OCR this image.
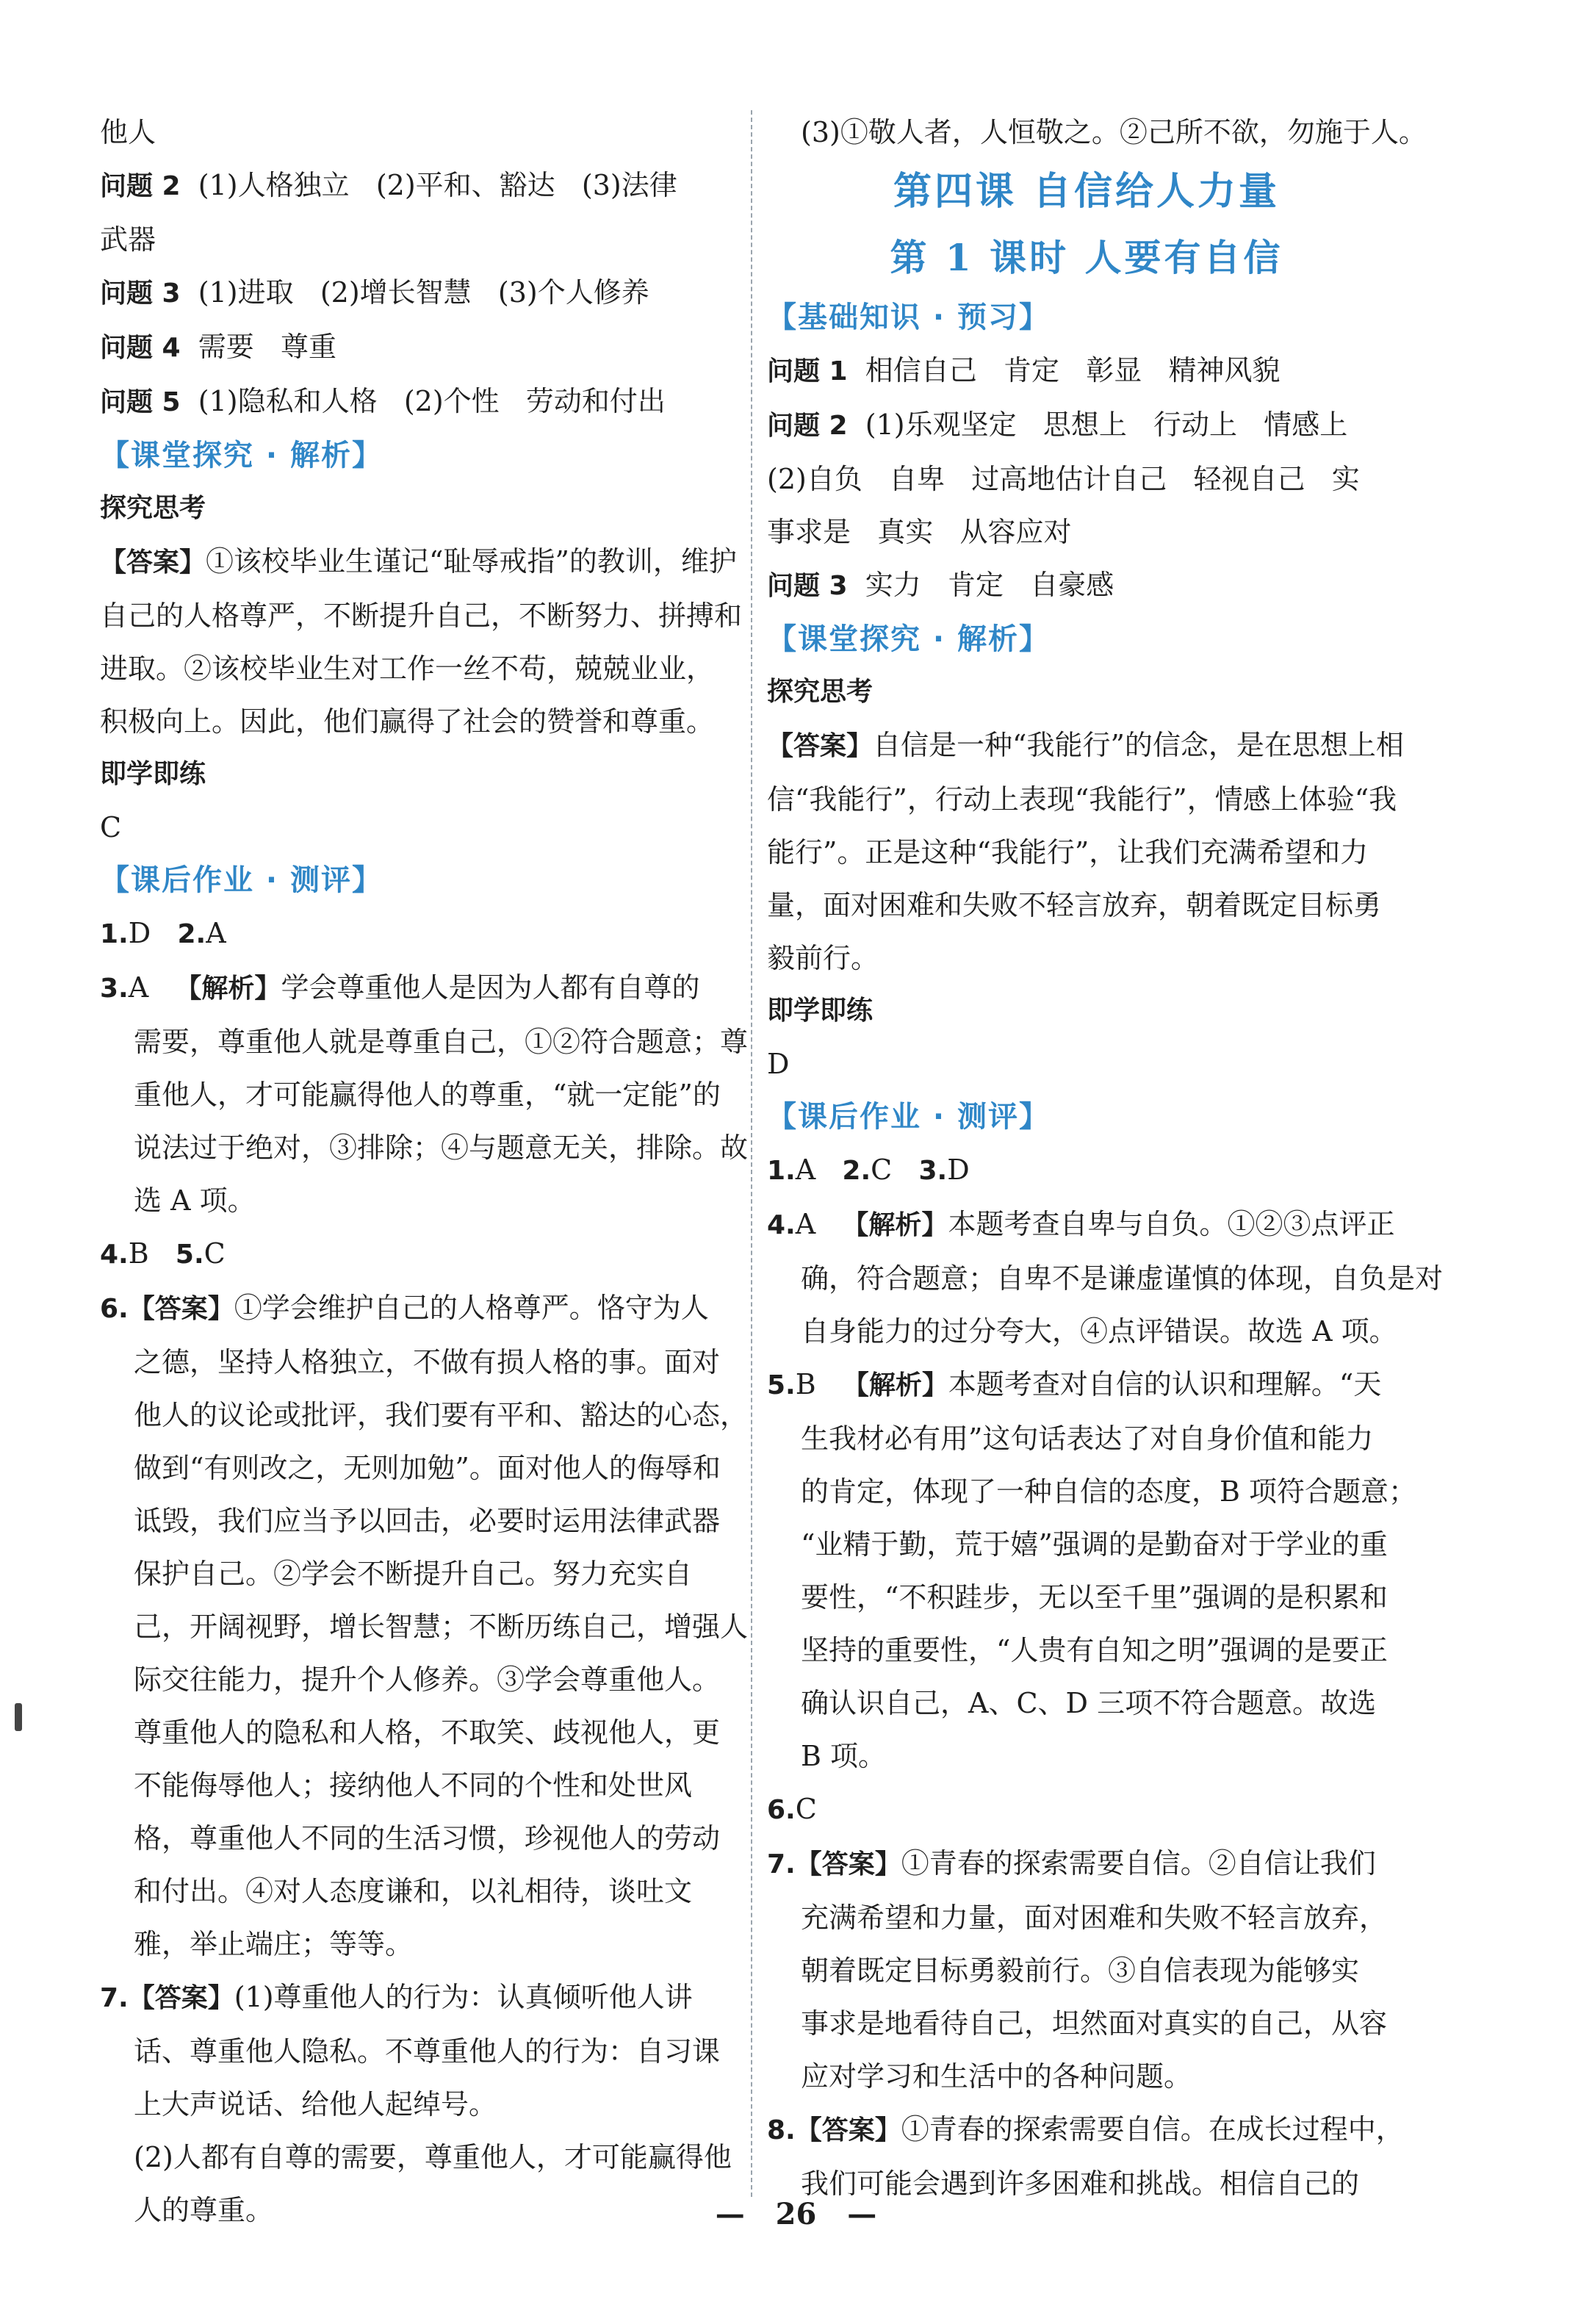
他人
问题 2  (1)人格独立   (2)平和、豁达   (3)法律
武器
问题 3  (1)进取   (2)增长智慧   (3)个人修养
问题 4  需要   尊重
问题 5  (1)隐私和人格   (2)个性   劳动和付出
【课堂探究 · 解析】
探究思考
【答案】①该校毕业生谨记“耻辱戒指”的教训，维护
自己的人格尊严，不断提升自己，不断努力、拼搏和
进取。②该校毕业生对工作一丝不苟，兢兢业业，
积极向上。因此，他们赢得了社会的赞誉和尊重。
即学即练
C
【课后作业 · 测评】
1.D   2.A
3.A   【解析】学会尊重他人是因为人都有自尊的
需要，尊重他人就是尊重自己，①②符合题意；尊
重他人，才可能赢得他人的尊重，“就一定能”的
说法过于绝对，③排除；④与题意无关，排除。故
选 A 项。
4.B   5.C
6.【答案】①学会维护自己的人格尊严。恪守为人
之德，坚持人格独立，不做有损人格的事。面对
他人的议论或批评，我们要有平和、豁达的心态，
做到“有则改之，无则加勉”。面对他人的侮辱和
诋毁，我们应当予以回击，必要时运用法律武器
保护自己。②学会不断提升自己。努力充实自
己，开阔视野，增长智慧；不断历练自己，增强人
际交往能力，提升个人修养。③学会尊重他人。
尊重他人的隐私和人格，不取笑、歧视他人，更
不能侮辱他人；接纳他人不同的个性和处世风
格，尊重他人不同的生活习惯，珍视他人的劳动
和付出。④对人态度谦和，以礼相待，谈吐文
雅，举止端庄；等等。
7.【答案】(1)尊重他人的行为：认真倾听他人讲
话、尊重他人隐私。不尊重他人的行为：自习课
上大声说话、给他人起绰号。
(2)人都有自尊的需要，尊重他人，才可能赢得他
人的尊重。
(3)①敬人者，人恒敬之。②己所不欲，勿施于人。
第四课 自信给人力量
第 1 课时 人要有自信
【基础知识 · 预习】
问题 1  相信自己   肯定   彰显   精神风貌
问题 2  (1)乐观坚定   思想上   行动上   情感上
(2)自负   自卑   过高地估计自己   轻视自己   实
事求是   真实   从容应对
问题 3  实力   肯定   自豪感
【课堂探究 · 解析】
探究思考
【答案】自信是一种“我能行”的信念，是在思想上相
信“我能行”，行动上表现“我能行”，情感上体验“我
能行”。正是这种“我能行”，让我们充满希望和力
量，面对困难和失败不轻言放弃，朝着既定目标勇
毅前行。
即学即练
D
【课后作业 · 测评】
1.A   2.C   3.D
4.A   【解析】本题考查自卑与自负。①②③点评正
确，符合题意；自卑不是谦虚谨慎的体现，自负是对
自身能力的过分夸大，④点评错误。故选 A 项。
5.B   【解析】本题考查对自信的认识和理解。“天
生我材必有用”这句话表达了对自身价值和能力
的肯定，体现了一种自信的态度，B 项符合题意；
“业精于勤，荒于嬉”强调的是勤奋对于学业的重
要性，“不积跬步，无以至千里”强调的是积累和
坚持的重要性，“人贵有自知之明”强调的是要正
确认识自己，A、C、D 三项不符合题意。故选
B 项。
6.C
7.【答案】①青春的探索需要自信。②自信让我们
充满希望和力量，面对困难和失败不轻言放弃，
朝着既定目标勇毅前行。③自信表现为能够实
事求是地看待自己，坦然面对真实的自己，从容
应对学习和生活中的各种问题。
8.【答案】①青春的探索需要自信。在成长过程中，
我们可能会遇到许多困难和挑战。相信自己的
— 26 —
